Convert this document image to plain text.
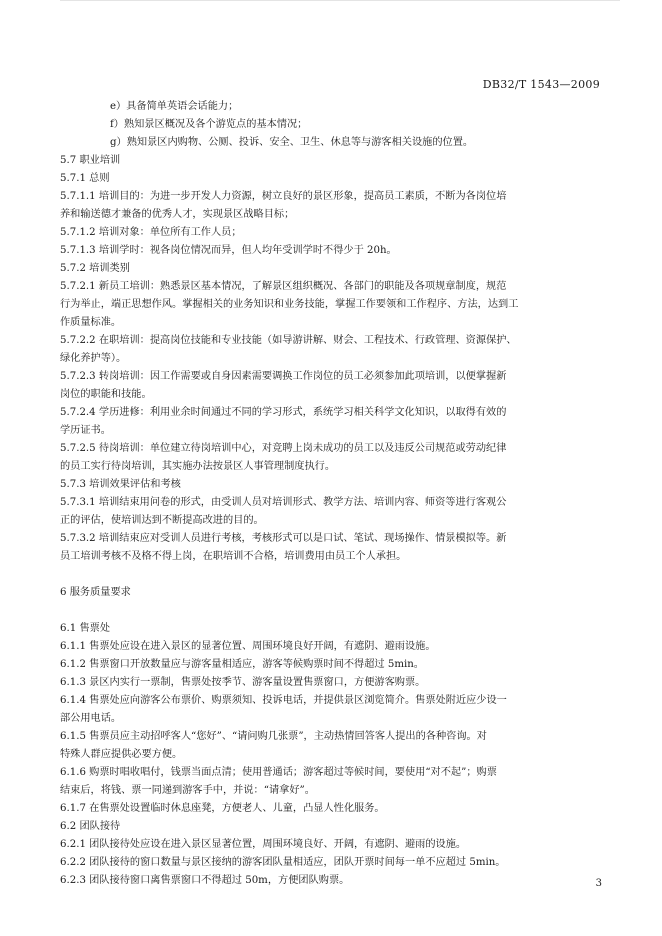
DB32/T 1543—2009
e）具备简单英语会话能力；
f）熟知景区概况及各个游览点的基本情况；
g）熟知景区内购物、公厕、投诉、安全、卫生、休息等与游客相关设施的位置。
5.7 职业培训
5.7.1 总则
5.7.1.1 培训目的：为进一步开发人力资源，树立良好的景区形象，提高员工素质，不断为各岗位培
养和输送德才兼备的优秀人才，实现景区战略目标；
5.7.1.2 培训对象：单位所有工作人员；
5.7.1.3 培训学时：视各岗位情况而异，但人均年受训学时不得少于 20h。
5.7.2 培训类别
5.7.2.1 新员工培训：熟悉景区基本情况，了解景区组织概况、各部门的职能及各项规章制度，规范
行为举止，端正思想作风。掌握相关的业务知识和业务技能，掌握工作要领和工作程序、方法，达到工
作质量标准。
5.7.2.2 在职培训：提高岗位技能和专业技能（如导游讲解、财会、工程技术、行政管理、资源保护、
绿化养护等）。
5.7.2.3 转岗培训：因工作需要或自身因素需要调换工作岗位的员工必须参加此项培训，以便掌握新
岗位的职能和技能。
5.7.2.4 学历进修：利用业余时间通过不同的学习形式，系统学习相关科学文化知识，以取得有效的
学历证书。
5.7.2.5 待岗培训：单位建立待岗培训中心，对竞聘上岗未成功的员工以及违反公司规范或劳动纪律
的员工实行待岗培训，其实施办法按景区人事管理制度执行。
5.7.3 培训效果评估和考核
5.7.3.1 培训结束用问卷的形式，由受训人员对培训形式、教学方法、培训内容、师资等进行客观公
正的评估，使培训达到不断提高改进的目的。
5.7.3.2 培训结束应对受训人员进行考核，考核形式可以是口试、笔试、现场操作、情景模拟等。新
员工培训考核不及格不得上岗，在职培训不合格，培训费用由员工个人承担。
6 服务质量要求
6.1 售票处
6.1.1 售票处应设在进入景区的显著位置、周围环境良好开阔，有遮阴、避雨设施。
6.1.2 售票窗口开放数量应与游客量相适应，游客等候购票时间不得超过 5min。
6.1.3 景区内实行一票制，售票处按季节、游客量设置售票窗口，方便游客购票。
6.1.4 售票处应向游客公布票价、购票须知、投诉电话，并提供景区浏览简介。售票处附近应少设一
部公用电话。
6.1.5 售票员应主动招呼客人“您好”、“请问购几张票”，主动热情回答客人提出的各种咨询。对
特殊人群应提供必要方便。
6.1.6 购票时唱收唱付，钱票当面点清；使用普通话；游客超过等候时间，要使用“对不起”；购票
结束后，将钱、票一同递到游客手中，并说：“请拿好”。
6.1.7 在售票处设置临时休息座凳，方便老人、儿童，凸显人性化服务。
6.2 团队接待
6.2.1 团队接待处应设在进入景区显著位置，周围环境良好、开阔，有遮阴、避雨的设施。
6.2.2 团队接待的窗口数量与景区接纳的游客团队量相适应，团队开票时间每一单不应超过 5min。
6.2.3 团队接待窗口离售票窗口不得超过 50m，方便团队购票。	3
